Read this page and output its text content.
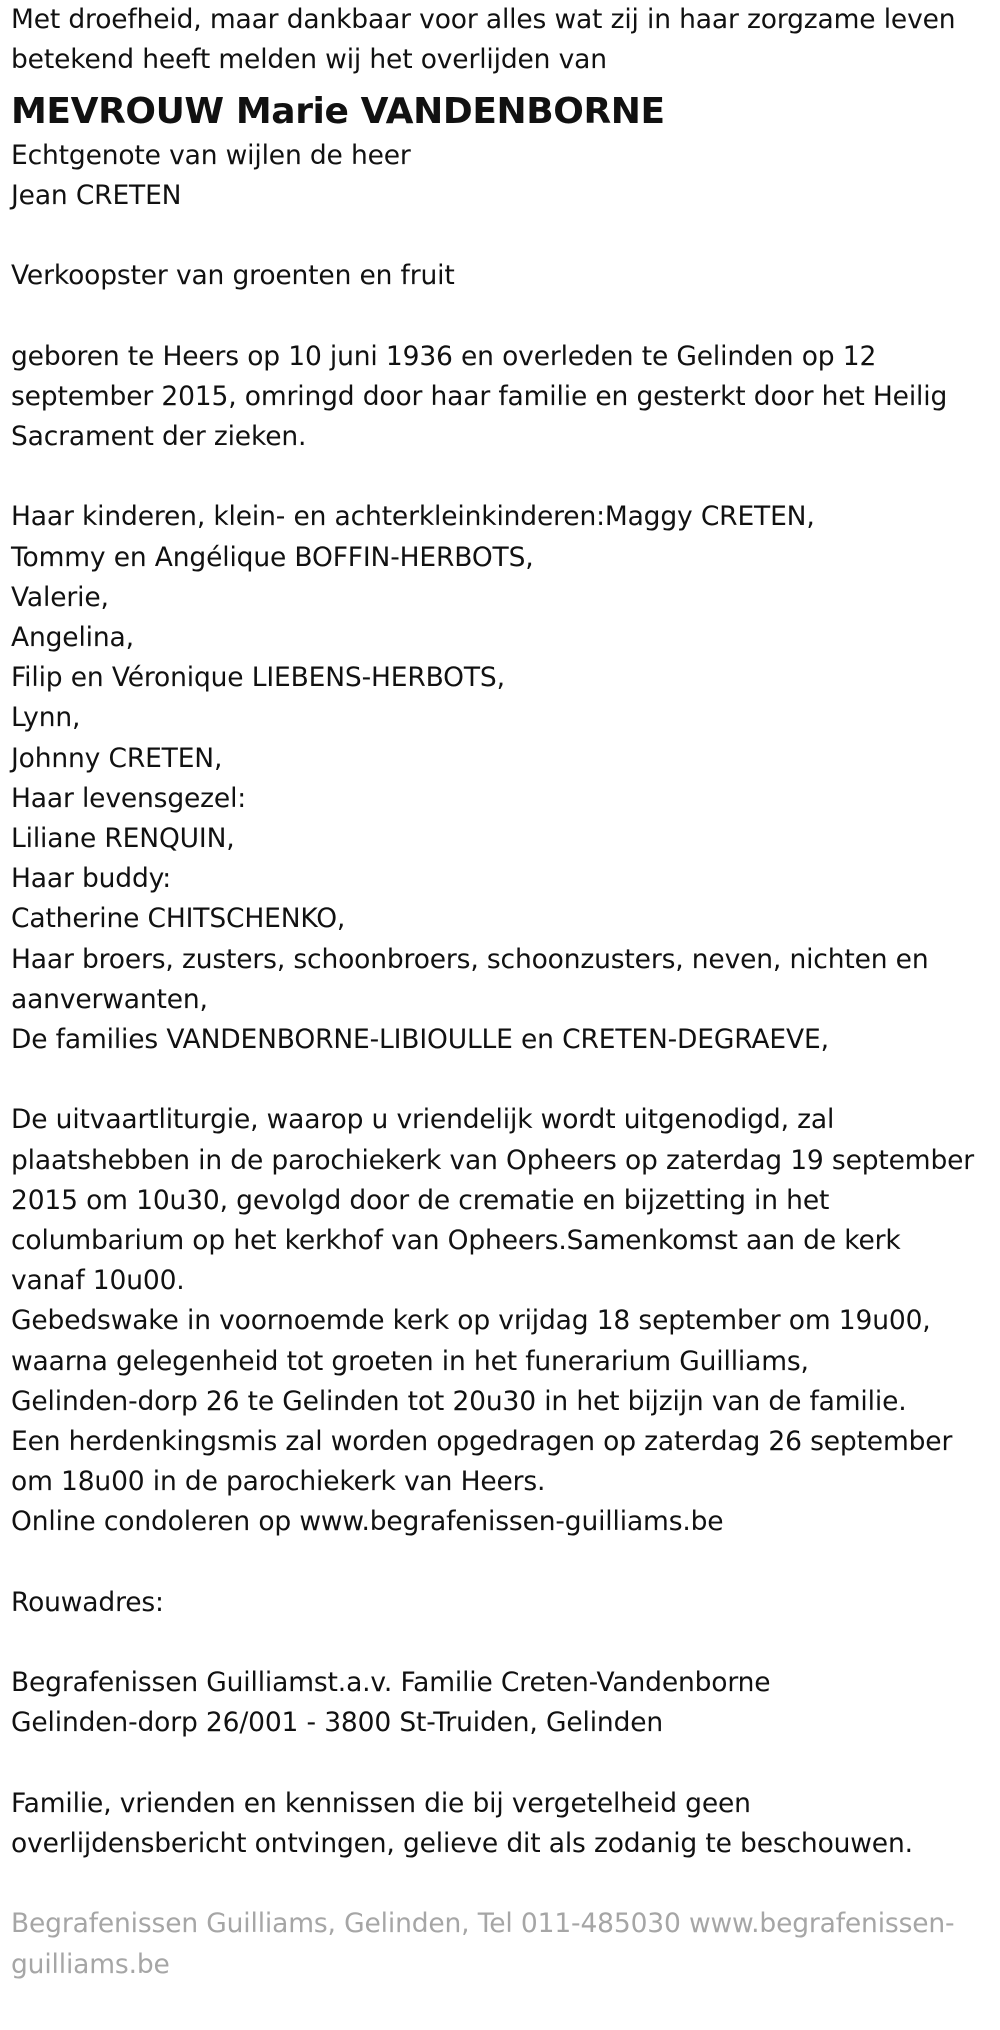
Met droefheid, maar dankbaar voor alles wat zij in haar zorgzame leven
betekend heeft melden wij het overlijden van
MEVROUW Marie VANDENBORNE
Echtgenote van wijlen de heer
Jean CRETEN
Verkoopster van groenten en fruit
geboren te Heers op 10 juni 1936 en overleden te Gelinden op 12
september 2015, omringd door haar familie en gesterkt door het Heilig
Sacrament der zieken.
Haar kinderen, klein- en achterkleinkinderen:Maggy CRETEN,
Tommy en Angélique BOFFIN-HERBOTS,
Valerie,
Angelina,
Filip en Véronique LIEBENS-HERBOTS,
Lynn,
Johnny CRETEN,
Haar levensgezel:
Liliane RENQUIN,
Haar buddy:
Catherine CHITSCHENKO,
Haar broers, zusters, schoonbroers, schoonzusters, neven, nichten en
aanverwanten,
De families VANDENBORNE-LIBIOULLE en CRETEN-DEGRAEVE,
De uitvaartliturgie, waarop u vriendelijk wordt uitgenodigd, zal
plaatshebben in de parochiekerk van Opheers op zaterdag 19 september
2015 om 10u30, gevolgd door de crematie en bijzetting in het
columbarium op het kerkhof van Opheers.Samenkomst aan de kerk
vanaf 10u00.
Gebedswake in voornoemde kerk op vrijdag 18 september om 19u00,
waarna gelegenheid tot groeten in het funerarium Guilliams,
Gelinden-dorp 26 te Gelinden tot 20u30 in het bijzijn van de familie.
Een herdenkingsmis zal worden opgedragen op zaterdag 26 september
om 18u00 in de parochiekerk van Heers.
Online condoleren op www.begrafenissen-guilliams.be
Rouwadres:
Begrafenissen Guilliamst.a.v. Familie Creten-Vandenborne
Gelinden-dorp 26/001 - 3800 St-Truiden, Gelinden
Familie, vrienden en kennissen die bij vergetelheid geen
overlijdensbericht ontvingen, gelieve dit als zodanig te beschouwen.
Begrafenissen Guilliams, Gelinden, Tel 011-485030 www.begrafenissen-
guilliams.be
